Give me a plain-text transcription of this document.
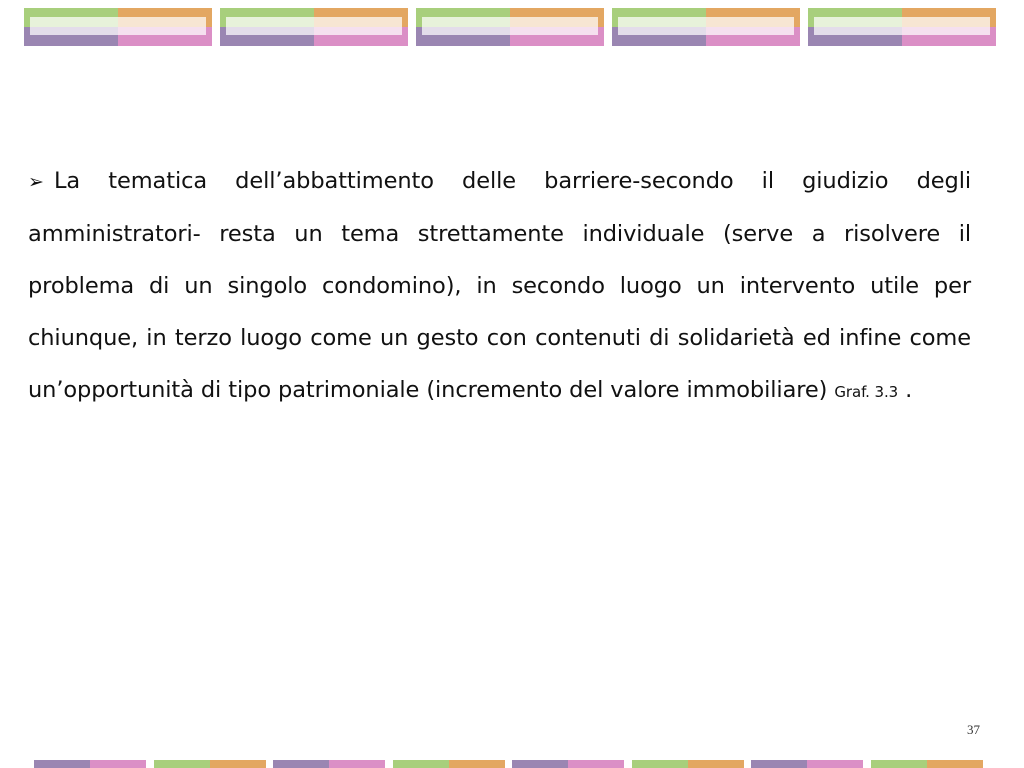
➢ La tematica dell’abbattimento delle barriere-secondo il giudizio degli amministratori- resta un tema strettamente individuale (serve a risolvere il problema di un singolo condomino), in secondo luogo un intervento utile per chiunque, in terzo luogo come un gesto con contenuti di solidarietà ed infine come un’opportunità di tipo patrimoniale (incremento del valore immobiliare) Graf. 3.3 .
37
